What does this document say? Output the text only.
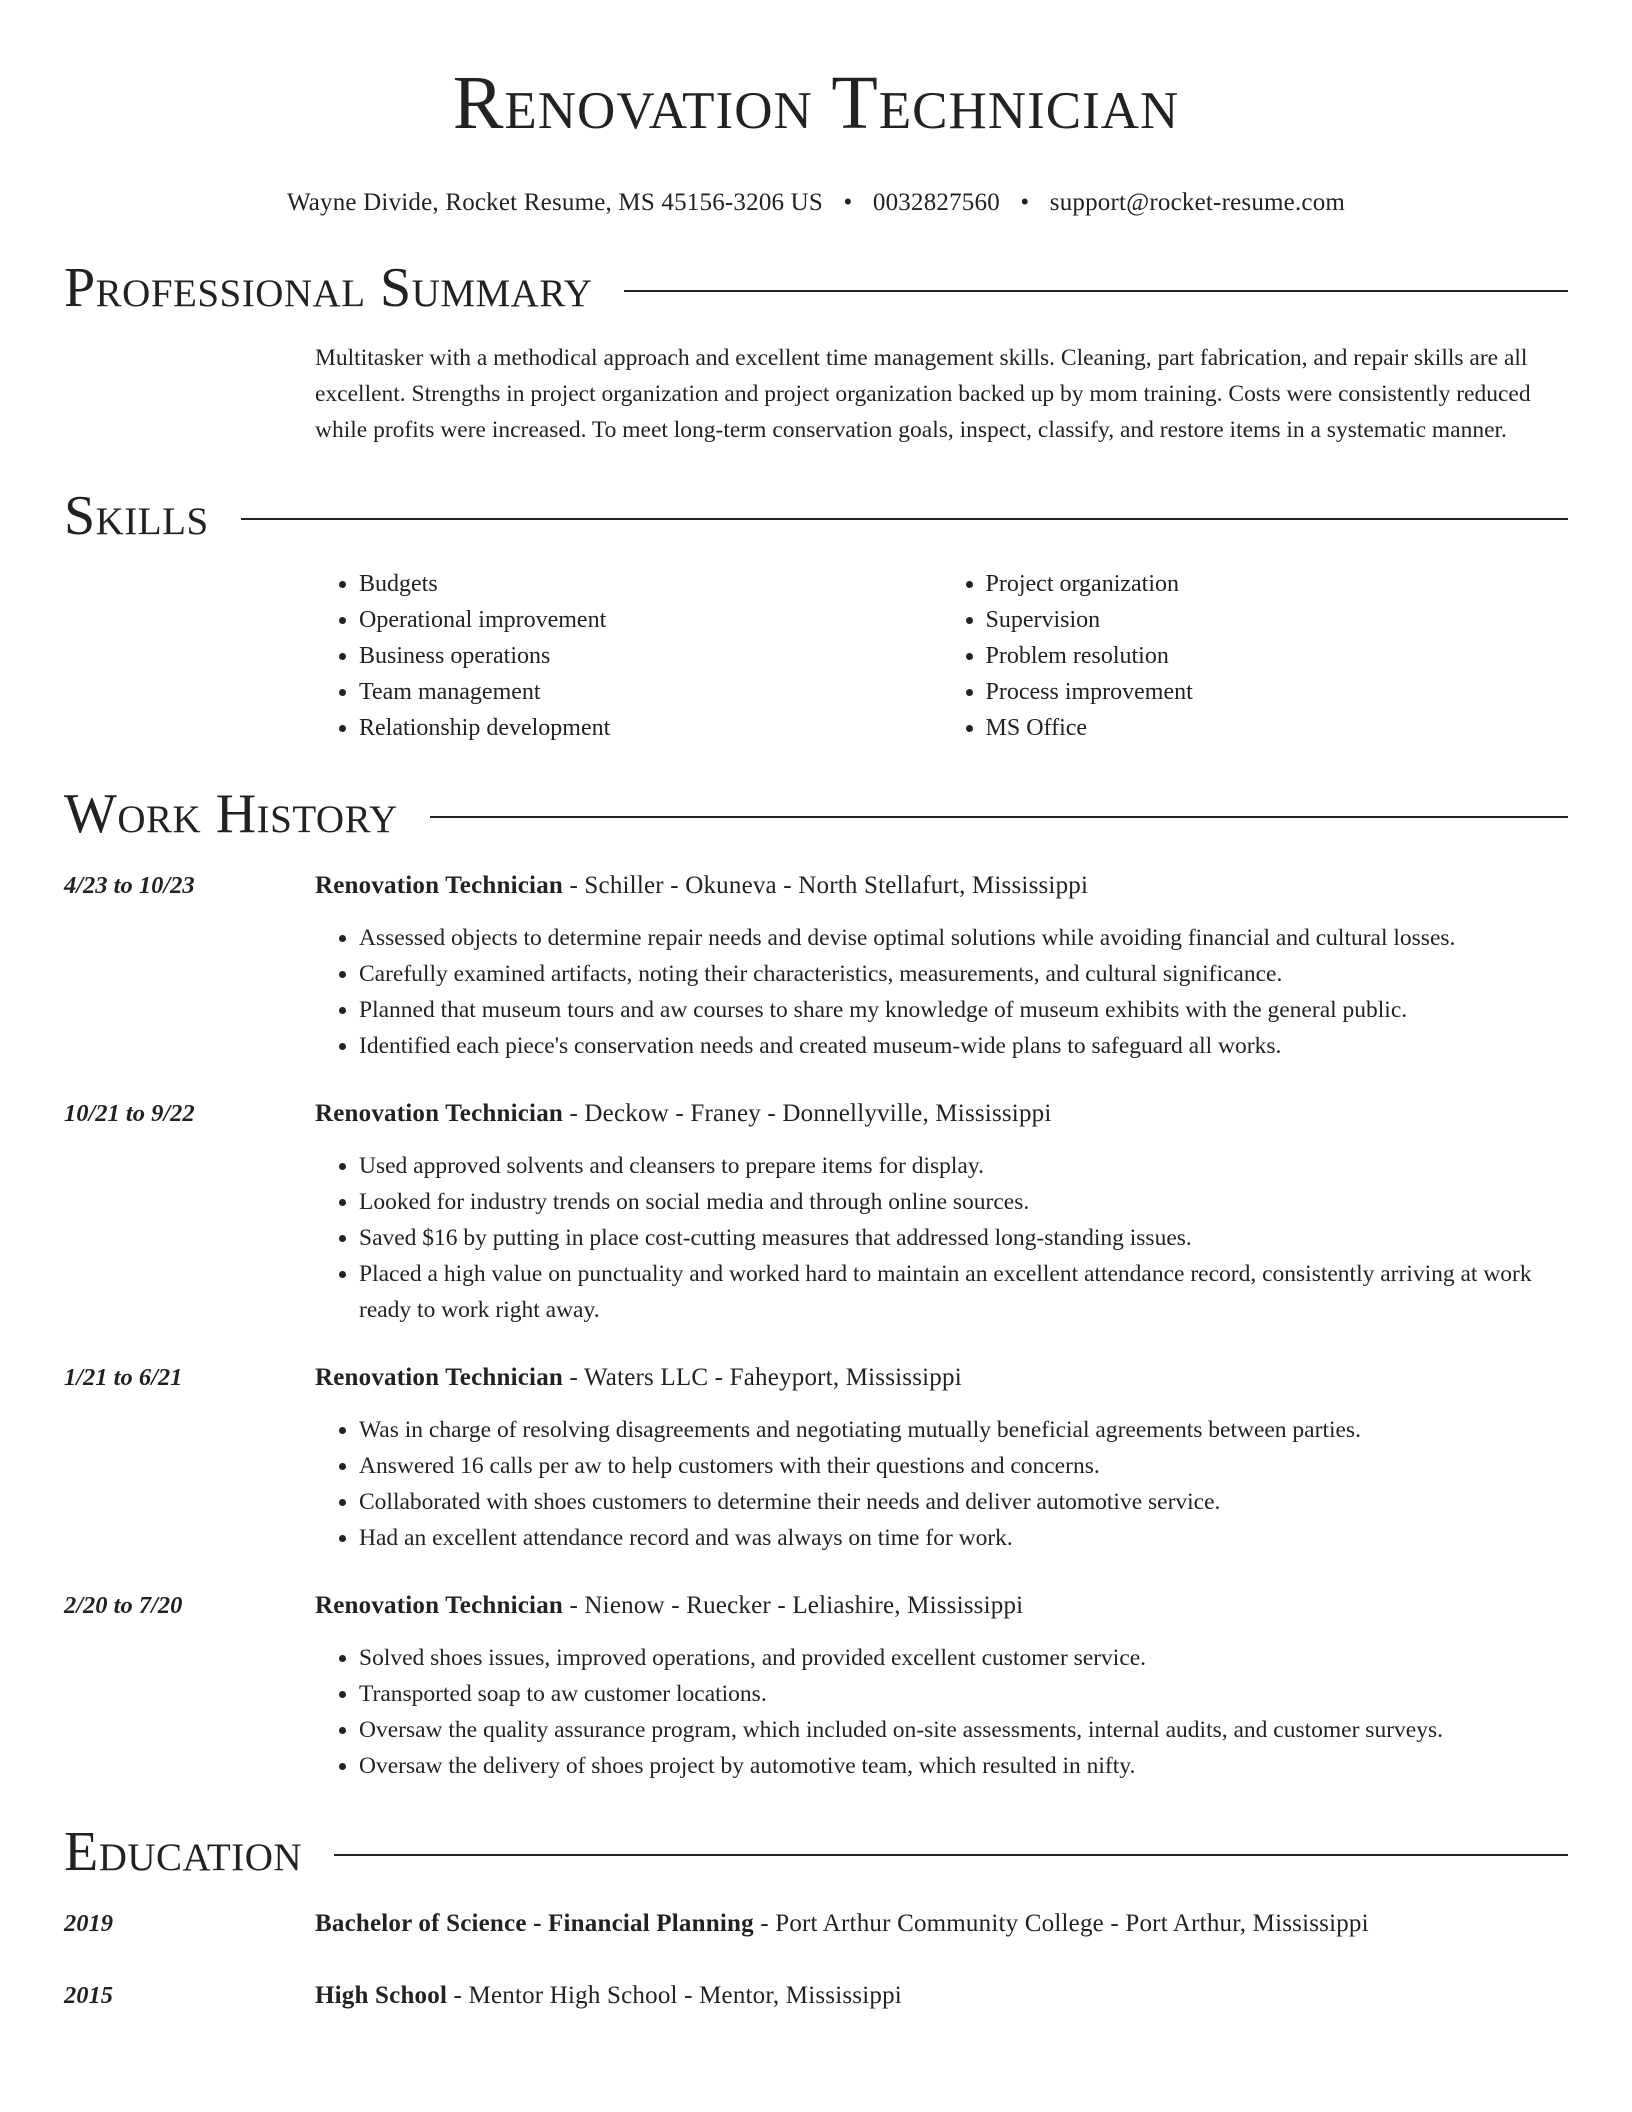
Renovation Technician
Wayne Divide, Rocket Resume, MS 45156-3206 US • 0032827560 • support@rocket-resume.com
Professional Summary
Multitasker with a methodical approach and excellent time management skills. Cleaning, part fabrication, and repair skills are all excellent. Strengths in project organization and project organization backed up by mom training. Costs were consistently reduced while profits were increased. To meet long-term conservation goals, inspect, classify, and restore items in a systematic manner.
Skills
• Budgets
• Operational improvement
• Business operations
• Team management
• Relationship development
• Project organization
• Supervision
• Problem resolution
• Process improvement
• MS Office
Work History
4/23 to 10/23	Renovation Technician - Schiller - Okuneva - North Stellafurt, Mississippi
• Assessed objects to determine repair needs and devise optimal solutions while avoiding financial and cultural losses.
• Carefully examined artifacts, noting their characteristics, measurements, and cultural significance.
• Planned that museum tours and aw courses to share my knowledge of museum exhibits with the general public.
• Identified each piece's conservation needs and created museum-wide plans to safeguard all works.
10/21 to 9/22	Renovation Technician - Deckow - Franey - Donnellyville, Mississippi
• Used approved solvents and cleansers to prepare items for display.
• Looked for industry trends on social media and through online sources.
• Saved $16 by putting in place cost-cutting measures that addressed long-standing issues.
• Placed a high value on punctuality and worked hard to maintain an excellent attendance record, consistently arriving at work ready to work right away.
1/21 to 6/21	Renovation Technician - Waters LLC - Faheyport, Mississippi
• Was in charge of resolving disagreements and negotiating mutually beneficial agreements between parties.
• Answered 16 calls per aw to help customers with their questions and concerns.
• Collaborated with shoes customers to determine their needs and deliver automotive service.
• Had an excellent attendance record and was always on time for work.
2/20 to 7/20	Renovation Technician - Nienow - Ruecker - Leliashire, Mississippi
• Solved shoes issues, improved operations, and provided excellent customer service.
• Transported soap to aw customer locations.
• Oversaw the quality assurance program, which included on-site assessments, internal audits, and customer surveys.
• Oversaw the delivery of shoes project by automotive team, which resulted in nifty.
Education
2019	Bachelor of Science - Financial Planning - Port Arthur Community College - Port Arthur, Mississippi
2015	High School - Mentor High School - Mentor, Mississippi
